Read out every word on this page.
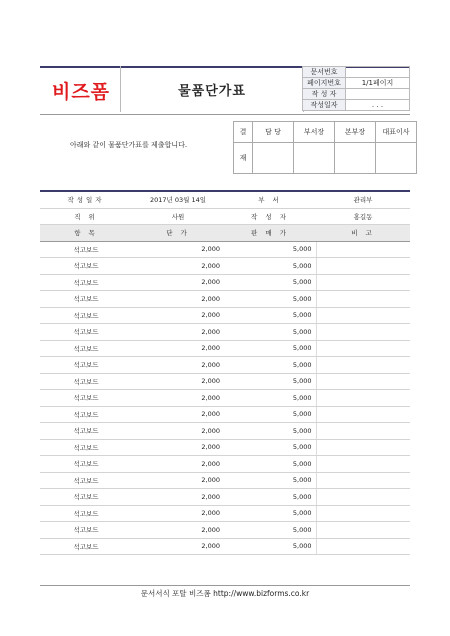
비즈폼	물품단가표
문서번호	
페이지번호	1/1페이지
작 성 자	
작성일자	. . .
아래와 같이 물품단가표를 제출합니다.
결	담 당	부서장	본부장	대표이사
재				
작성일자	2017년 03월 14일	부 서	관리부
직 위	사원	작 성 자	홍길동
항 목	단 가	판 매 가	비 고
석고보드	2,000	5,000	
석고보드	2,000	5,000	
석고보드	2,000	5,000	
석고보드	2,000	5,000	
석고보드	2,000	5,000	
석고보드	2,000	5,000	
석고보드	2,000	5,000	
석고보드	2,000	5,000	
석고보드	2,000	5,000	
석고보드	2,000	5,000	
석고보드	2,000	5,000	
석고보드	2,000	5,000	
석고보드	2,000	5,000	
석고보드	2,000	5,000	
석고보드	2,000	5,000	
석고보드	2,000	5,000	
석고보드	2,000	5,000	
석고보드	2,000	5,000	
석고보드	2,000	5,000	
문서서식 포탈 비즈폼 http://www.bizforms.co.kr
